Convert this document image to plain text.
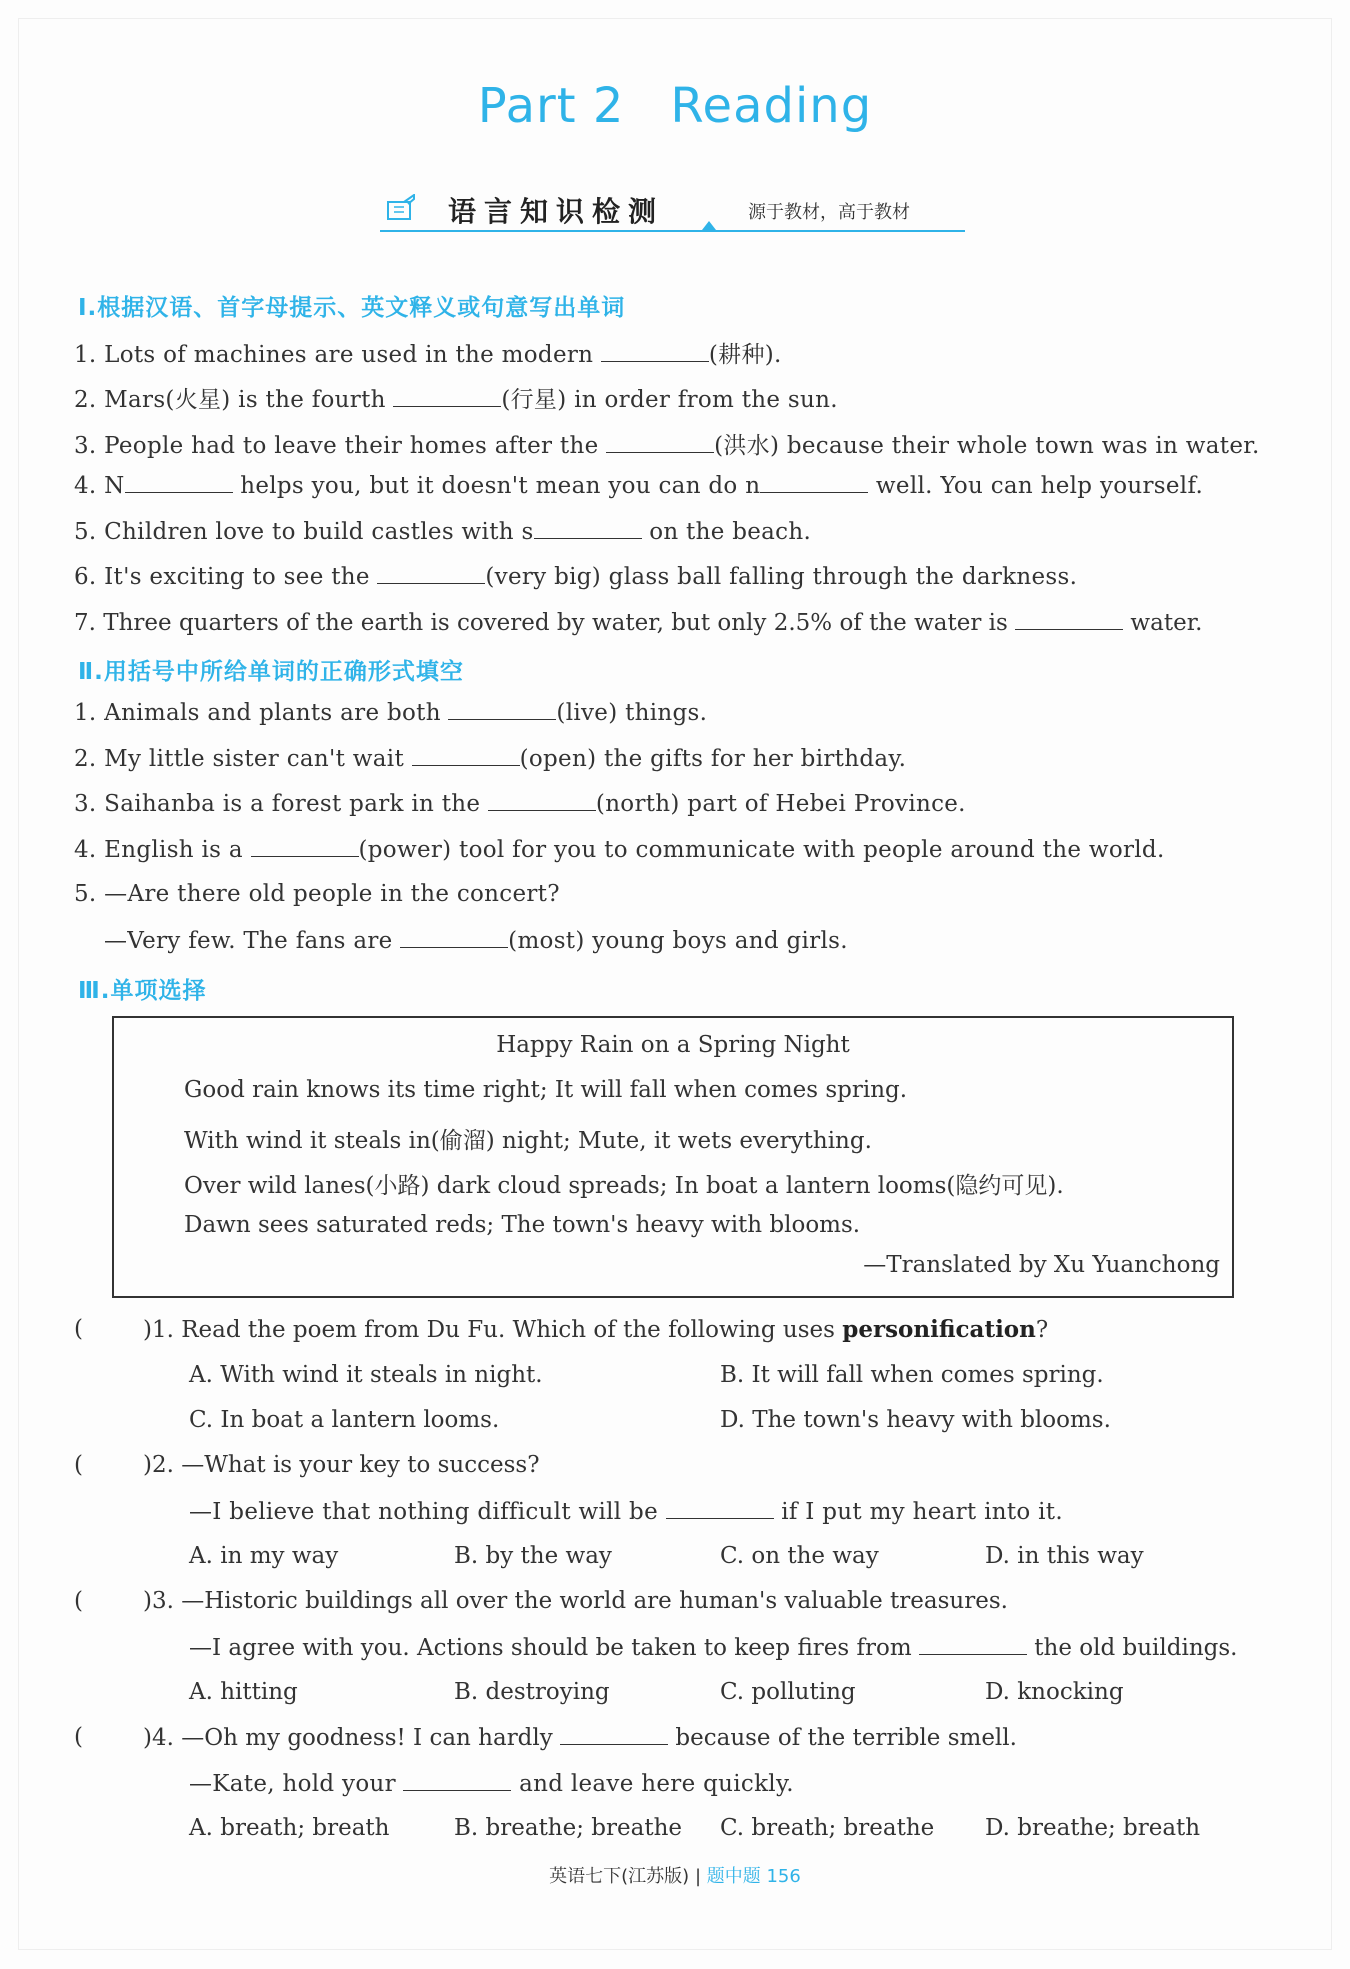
Part 2 Reading
语言知识检测	源于教材，高于教材
Ⅰ.根据汉语、首字母提示、英文释义或句意写出单词
1. Lots of machines are used in the modern	(耕种).
2. Mars(火星) is the fourth	(行星) in order from the sun.
3. People had to leave their homes after the	(洪水) because their whole town was in water.
4. N	helps you, but it doesn't mean you can do n	well. You can help yourself.
5. Children love to build castles with s	on the beach.
6. It's exciting to see the	(very big) glass ball falling through the darkness.
7. Three quarters of the earth is covered by water, but only 2.5% of the water is	water.
Ⅱ.用括号中所给单词的正确形式填空
1. Animals and plants are both	(live) things.
2. My little sister can't wait	(open) the gifts for her birthday.
3. Saihanba is a forest park in the	(north) part of Hebei Province.
4. English is a	(power) tool for you to communicate with people around the world.
5. —Are there old people in the concert?
—Very few. The fans are	(most) young boys and girls.
Ⅲ.单项选择
Happy Rain on a Spring Night
Good rain knows its time right; It will fall when comes spring.
With wind it steals in(偷溜) night; Mute, it wets everything.
Over wild lanes(小路) dark cloud spreads; In boat a lantern looms(隐约可见).
Dawn sees saturated reds; The town's heavy with blooms.
—Translated by Xu Yuanchong
(	)1. Read the poem from Du Fu. Which of the following uses personification?
A. With wind it steals in night.	B. It will fall when comes spring.
C. In boat a lantern looms.	D. The town's heavy with blooms.
(	)2. —What is your key to success?
—I believe that nothing difficult will be	if I put my heart into it.
A. in my way	B. by the way	C. on the way	D. in this way
(	)3. —Historic buildings all over the world are human's valuable treasures.
—I agree with you. Actions should be taken to keep fires from	the old buildings.
A. hitting	B. destroying	C. polluting	D. knocking
(	)4. —Oh my goodness! I can hardly	because of the terrible smell.
—Kate, hold your	and leave here quickly.
A. breath; breath	B. breathe; breathe C. breath; breathe D. breathe; breath
英语七下(江苏版) | 题中题 156
